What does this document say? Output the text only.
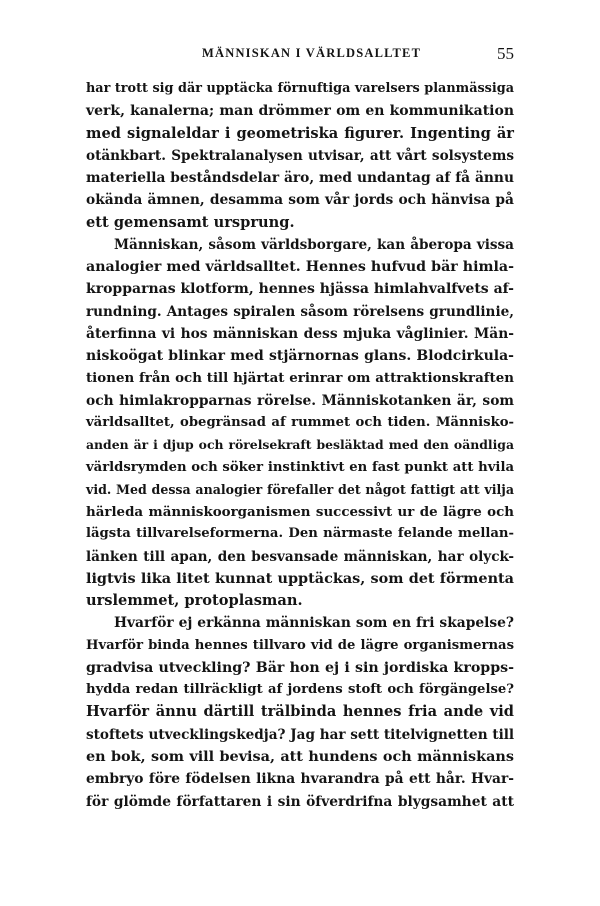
MÄNNISKAN I VÄRLDSALLTET	55
har trott sig där upptäcka förnuftiga varelsers planmässiga
verk, kanalerna; man drömmer om en kommunikation
med signaleldar i geometriska figurer. Ingenting är
otänkbart. Spektralanalysen utvisar, att vårt solsystems
materiella beståndsdelar äro, med undantag af få ännu
okända ämnen, desamma som vår jords och hänvisa på
ett gemensamt ursprung.
Människan, såsom världsborgare, kan åberopa vissa
analogier med världsalltet. Hennes hufvud bär himla-
kropparnas klotform, hennes hjässa himlahvalfvets af-
rundning. Antages spiralen såsom rörelsens grundlinie,
återfinna vi hos människan dess mjuka våglinier. Män-
niskoögat blinkar med stjärnornas glans. Blodcirkula-
tionen från och till hjärtat erinrar om attraktionskraften
och himlakropparnas rörelse. Människotanken är, som
världsalltet, obegränsad af rummet och tiden. Människo-
anden är i djup och rörelsekraft besläktad med den oändliga
världsrymden och söker instinktivt en fast punkt att hvila
vid. Med dessa analogier förefaller det något fattigt att vilja
härleda människoorganismen successivt ur de lägre och
lägsta tillvarelseformerna. Den närmaste felande mellan-
länken till apan, den besvansade människan, har olyck-
ligtvis lika litet kunnat upptäckas, som det förmenta
urslemmet, protoplasman.
Hvarför ej erkänna människan som en fri skapelse?
Hvarför binda hennes tillvaro vid de lägre organismernas
gradvisa utveckling? Bär hon ej i sin jordiska kropps-
hydda redan tillräckligt af jordens stoft och förgängelse?
Hvarför ännu därtill trälbinda hennes fria ande vid
stoftets utvecklingskedja? Jag har sett titelvignetten till
en bok, som vill bevisa, att hundens och människans
embryo före födelsen likna hvarandra på ett hår. Hvar-
för glömde författaren i sin öfverdrifna blygsamhet att
